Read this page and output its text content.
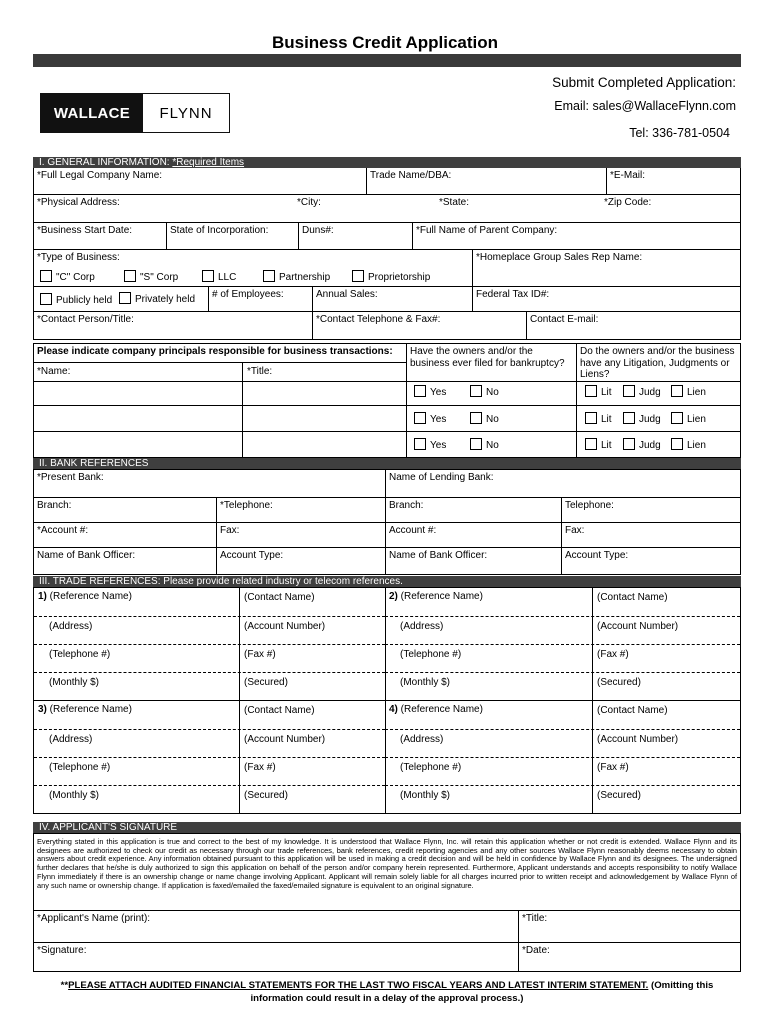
Business Credit Application
WALLACE	FLYNN
Submit Completed Application:
Email: sales@WallaceFlynn.com
Tel: 336-781-0504
I. GENERAL INFORMATION: *Required Items
*Full Legal Company Name:	Trade Name/DBA:	*E-Mail:
*Physical Address:	*City:	*State:	*Zip Code:
*Business Start Date:	State of Incorporation:	Duns#:	*Full Name of Parent Company:
*Type of Business:
"C" Corp	"S" Corp	LLC	Partnership	Proprietorship
*Homeplace Group Sales Rep Name:
Publicly held	Privately held	# of Employees:	Annual Sales:	Federal Tax ID#:
*Contact Person/Title:	*Contact Telephone & Fax#:	Contact E-mail:
Please indicate company principals responsible for business transactions:
*Name:	*Title:
Have the owners and/or the business ever filed for bankruptcy?
Do the owners and/or the business have any Litigation, Judgments or Liens?
Yes	No	Lit	Judg	Lien
Yes	No	Lit	Judg	Lien
Yes	No	Lit	Judg	Lien
II. BANK REFERENCES
*Present Bank:	Name of Lending Bank:
Branch:	*Telephone:	Branch:	Telephone:
*Account #:	Fax:	Account #:	Fax:
Name of Bank Officer:	Account Type:	Name of Bank Officer:	Account Type:
III. TRADE REFERENCES: Please provide related industry or telecom references.
1) (Reference Name)	(Contact Name)
(Address)	(Account Number)
(Telephone #)	(Fax #)
(Monthly $)	(Secured)
2) (Reference Name)	(Contact Name)
(Address)	(Account Number)
(Telephone #)	(Fax #)
(Monthly $)	(Secured)
3) (Reference Name)	(Contact Name)
(Address)	(Account Number)
(Telephone #)	(Fax #)
(Monthly $)	(Secured)
4) (Reference Name)	(Contact Name)
(Address)	(Account Number)
(Telephone #)	(Fax #)
(Monthly $)	(Secured)
IV. APPLICANT'S SIGNATURE
Everything stated in this application is true and correct to the best of my knowledge. It is understood that Wallace Flynn, Inc. will retain this application whether or not credit is extended. Wallace Flynn and its designees are authorized to check our credit as necessary through our trade references, bank references, credit reporting agencies and any other sources Wallace Flynn reasonably deems necessary to obtain answers about credit experience. Any information obtained pursuant to this application will be used in making a credit decision and will be held in confidence by Wallace Flynn and its designees. The undersigned further declares that he/she is duly authorized to sign this application on behalf of the person and/or company herein represented. Furthermore, Applicant understands and accepts responsibility to notify Wallace Flynn immediately if there is an ownership change or name change involving Applicant. Applicant will remain solely liable for all charges incurred prior to written receipt and acknowledgement by Wallace Flynn of any such name or ownership change. If application is faxed/emailed the faxed/emailed signature is equivalent to an original signature.
*Applicant's Name (print):	*Title:
*Signature:	*Date:
**PLEASE ATTACH AUDITED FINANCIAL STATEMENTS FOR THE LAST TWO FISCAL YEARS AND LATEST INTERIM STATEMENT. (Omitting this information could result in a delay of the approval process.)
